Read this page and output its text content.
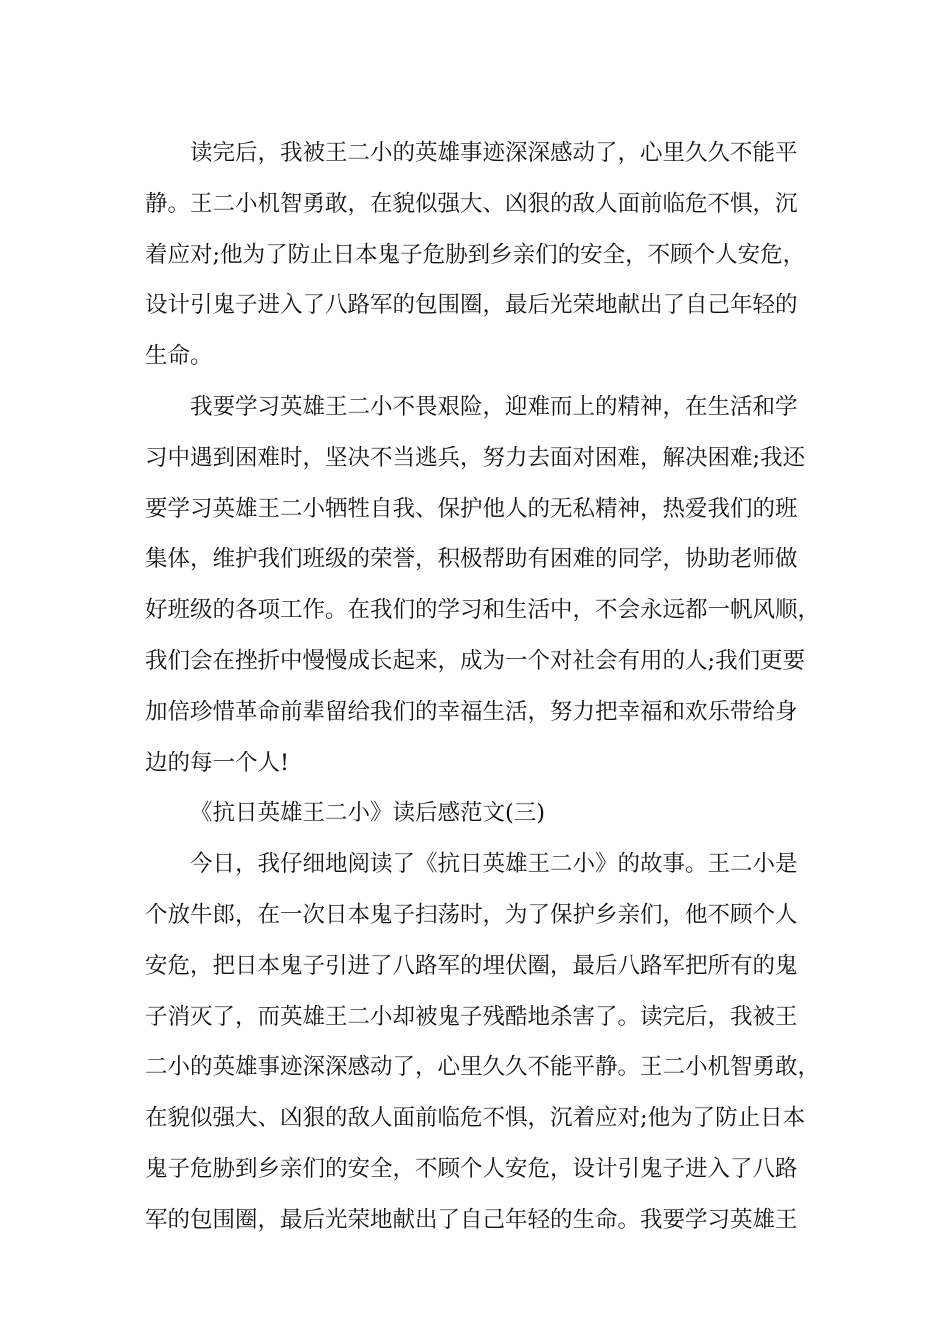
读完后，我被王二小的英雄事迹深深感动了，心里久久不能平
静。王二小机智勇敢，在貌似强大、凶狠的敌人面前临危不惧，沉
着应对;他为了防止日本鬼子危胁到乡亲们的安全，不顾个人安危，
设计引鬼子进入了八路军的包围圈，最后光荣地献出了自己年轻的
生命。
我要学习英雄王二小不畏艰险，迎难而上的精神，在生活和学
习中遇到困难时，坚决不当逃兵，努力去面对困难，解决困难;我还
要学习英雄王二小牺牲自我、保护他人的无私精神，热爱我们的班
集体，维护我们班级的荣誉，积极帮助有困难的同学，协助老师做
好班级的各项工作。在我们的学习和生活中，不会永远都一帆风顺，
我们会在挫折中慢慢成长起来，成为一个对社会有用的人;我们更要
加倍珍惜革命前辈留给我们的幸福生活，努力把幸福和欢乐带给身
边的每一个人!
《抗日英雄王二小》读后感范文(三)
今日，我仔细地阅读了《抗日英雄王二小》的故事。王二小是
个放牛郎，在一次日本鬼子扫荡时，为了保护乡亲们，他不顾个人
安危，把日本鬼子引进了八路军的埋伏圈，最后八路军把所有的鬼
子消灭了，而英雄王二小却被鬼子残酷地杀害了。读完后，我被王
二小的英雄事迹深深感动了，心里久久不能平静。王二小机智勇敢，
在貌似强大、凶狠的敌人面前临危不惧，沉着应对;他为了防止日本
鬼子危胁到乡亲们的安全，不顾个人安危，设计引鬼子进入了八路
军的包围圈，最后光荣地献出了自己年轻的生命。我要学习英雄王
